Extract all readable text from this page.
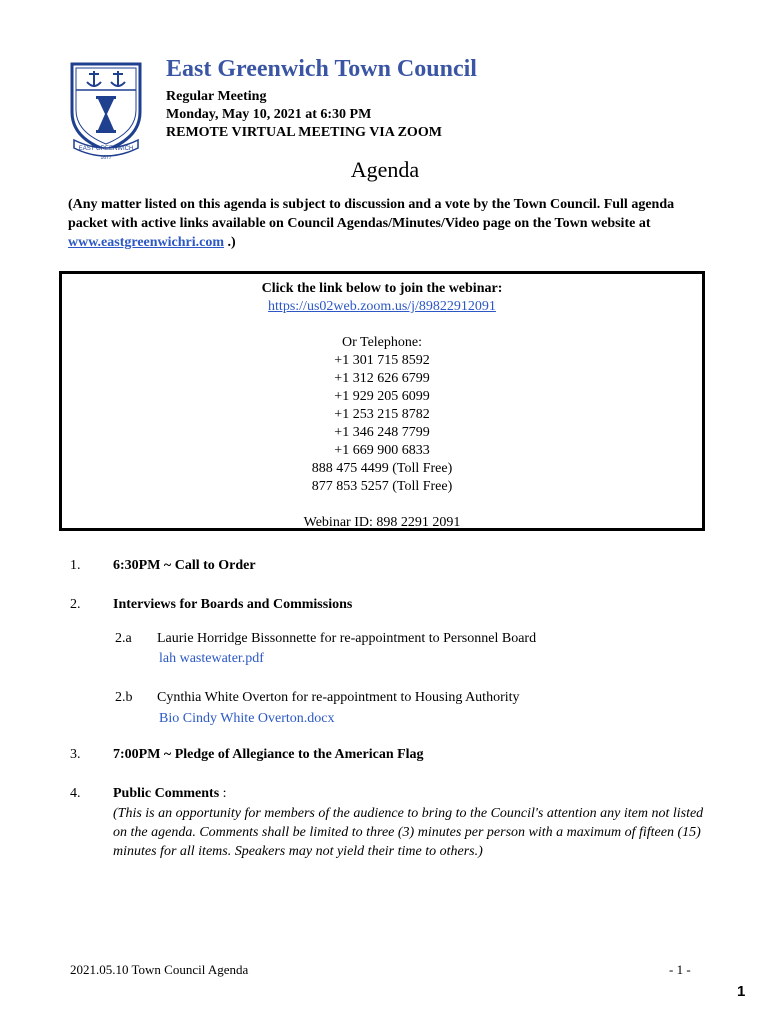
EAST GREENWICH
1677
East Greenwich Town Council
Regular Meeting
Monday, May 10, 2021 at 6:30 PM
REMOTE VIRTUAL MEETING VIA ZOOM
Agenda
(Any matter listed on this agenda is subject to discussion and a vote by the Town Council. Full agenda packet with active links available on Council Agendas/Minutes/Video page on the Town website at www.eastgreenwichri.com .)
Click the link below to join the webinar:
https://us02web.zoom.us/j/89822912091
Or Telephone:
+1 301 715 8592
+1 312 626 6799
+1 929 205 6099
+1 253 215 8782
+1 346 248 7799
+1 669 900 6833
888 475 4499 (Toll Free)
877 853 5257 (Toll Free)
Webinar ID: 898 2291 2091
1. 6:30PM ~ Call to Order
2. Interviews for Boards and Commissions
2.a Laurie Horridge Bissonnette for re-appointment to Personnel Board
lah wastewater.pdf
2.b Cynthia White Overton for re-appointment to Housing Authority
Bio Cindy White Overton.docx
3. 7:00PM ~ Pledge of Allegiance to the American Flag
4. Public Comments :
(This is an opportunity for members of the audience to bring to the Council's attention any item not listed on the agenda. Comments shall be limited to three (3) minutes per person with a maximum of fifteen (15) minutes for all items. Speakers may not yield their time to others.)
2021.05.10 Town Council Agenda	- 1 -
1
